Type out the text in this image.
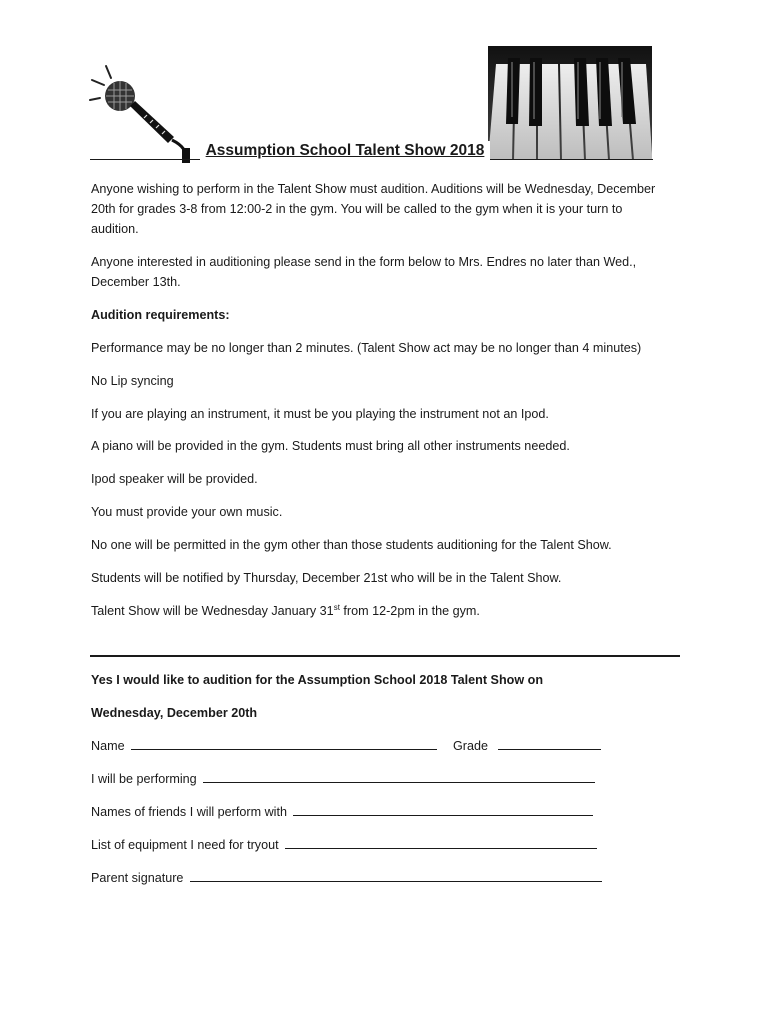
Assumption School Talent Show 2018
Anyone wishing to perform in the Talent Show must audition. Auditions will be Wednesday, December
20th for grades 3-8 from 12:00-2 in the gym. You will be called to the gym when it is your turn to
audition.
Anyone interested in auditioning please send in the form below to Mrs. Endres no later than Wed.,
December 13th.
Audition requirements:
Performance may be no longer than 2 minutes. (Talent Show act may be no longer than 4 minutes)
No Lip syncing
If you are playing an instrument, it must be you playing the instrument not an Ipod.
A piano will be provided in the gym. Students must bring all other instruments needed.
Ipod speaker will be provided.
You must provide your own music.
No one will be permitted in the gym other than those students auditioning for the Talent Show.
Students will be notified by Thursday, December 21st who will be in the Talent Show.
Talent Show will be Wednesday January 31st from 12-2pm in the gym.
Yes I would like to audition for the Assumption School 2018 Talent Show on
Wednesday, December 20th
Name	Grade
I will be performing
Names of friends I will perform with
List of equipment I need for tryout
Parent signature
